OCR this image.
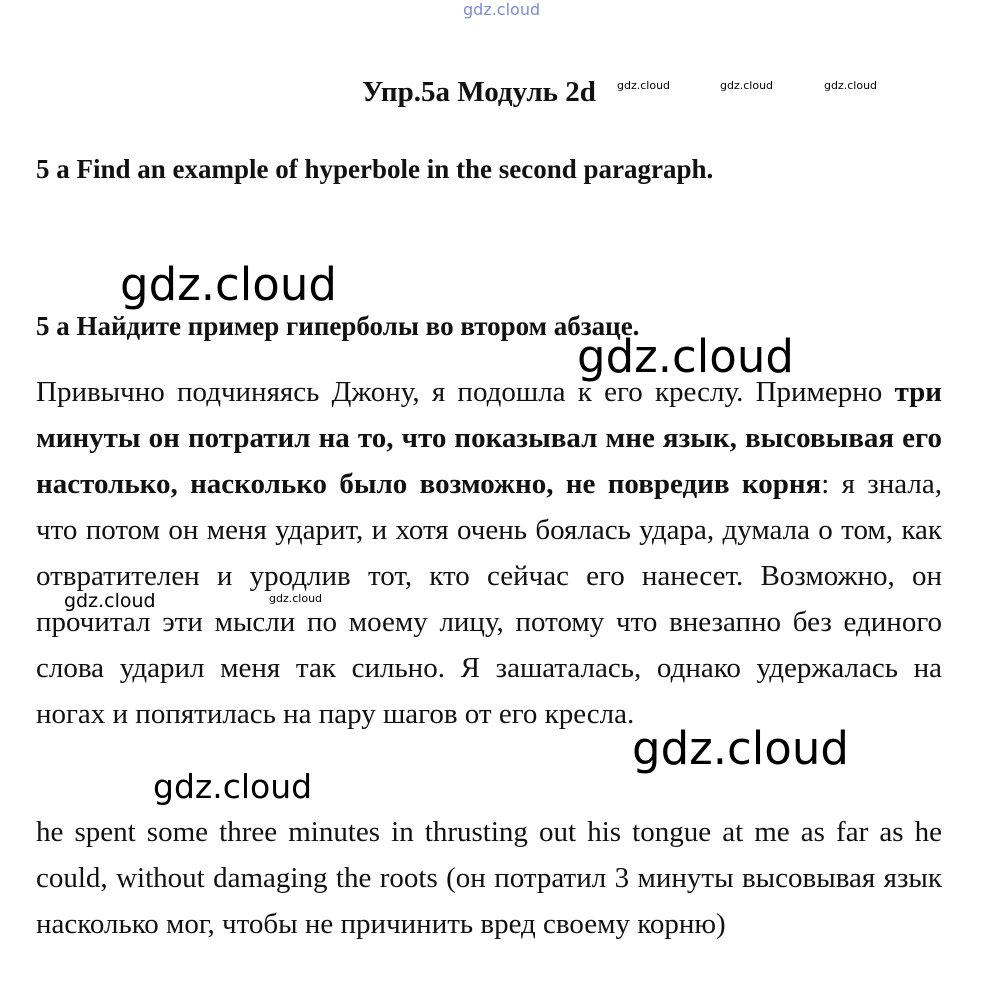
gdz.cloud
gdz.cloud	gdz.cloud	gdz.cloud
gdz.cloud
gdz.cloud
Упр.5а Модуль 2d
5 a Find an example of hyperbole in the second paragraph.
5 а Найдите пример гиперболы во втором абзаце.

Привычно подчиняясь Джону, я подошла к его креслу. Примерно три минуты он потратил на то, что показывал мне язык, высовывая его настолько, насколько было возможно, не повредив корня: я знала, что потом он меня ударит, и хотя очень боялась удара, думала о том, как отвратителен и уродлив тот, кто сейчас его нанесет. Возможно, он прочитал эти мысли по моему лицу, потому что внезапно без единого слова ударил меня так сильно. Я зашаталась, однако удержалась на ногах и попятилась на пару шагов от его кресла.

he spent some three minutes in thrusting out his tongue at me as far as he could, without damaging the roots (он потратил 3 минуты высовывая язык насколько мог, чтобы не причинить вред своему корню)

gdz.cloud
gdz.cloud
gdz.cloud
gdz.cloud
